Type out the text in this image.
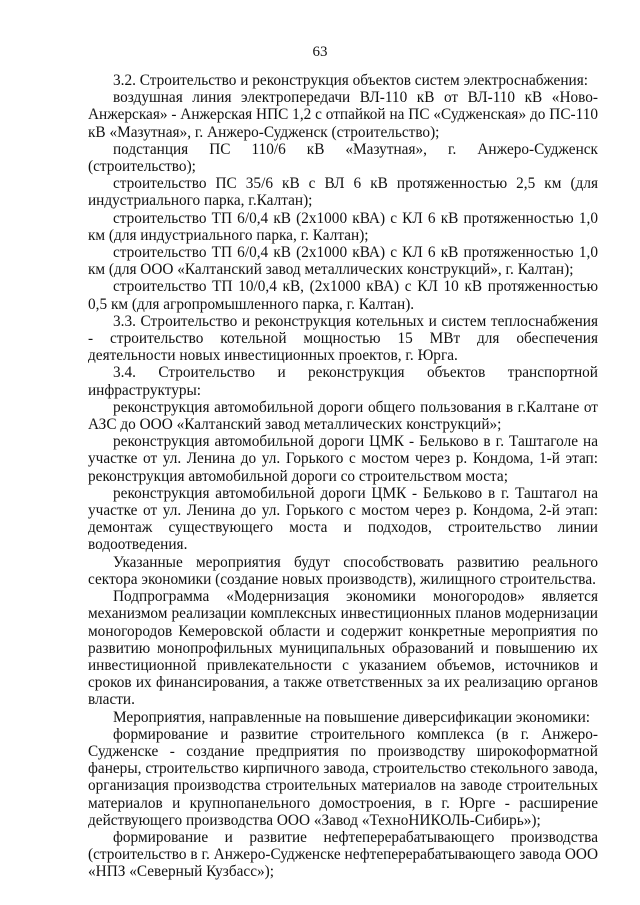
63

3.2. Строительство и реконструкция объектов систем электроснабжения:

воздушная линия электропередачи ВЛ-110 кВ от ВЛ-110 кВ «Ново-Анжерская» - Анжерская НПС 1,2 с отпайкой на ПС «Судженская» до ПС-110 кВ «Мазутная», г. Анжеро-Судженск (строительство);

подстанция ПС 110/6 кВ «Мазутная», г. Анжеро-Судженск (строительство);

строительство ПС 35/6 кВ с ВЛ 6 кВ протяженностью 2,5 км (для индустриального парка, г.Калтан);

строительство ТП 6/0,4 кВ (2х1000 кВА) с КЛ 6 кВ протяженностью 1,0 км (для индустриального парка, г. Калтан);

строительство ТП 6/0,4 кВ (2х1000 кВА) с КЛ 6 кВ протяженностью 1,0 км (для ООО «Калтанский завод металлических конструкций», г. Калтан);

строительство ТП 10/0,4 кВ, (2х1000 кВА) с КЛ 10 кВ протяженностью 0,5 км (для агропромышленного парка, г. Калтан).

3.3. Строительство и реконструкция котельных и систем теплоснабжения - строительство котельной мощностью 15 МВт для обеспечения деятельности новых инвестиционных проектов, г. Юрга.

3.4. Строительство и реконструкция объектов транспортной инфраструктуры:

реконструкция автомобильной дороги общего пользования в г.Калтане от АЗС до ООО «Калтанский завод металлических конструкций»;

реконструкция автомобильной дороги ЦМК - Бельково в г. Таштаголе на участке от ул. Ленина до ул. Горького с мостом через р. Кондома, 1-й этап: реконструкция автомобильной дороги со строительством моста;

реконструкция автомобильной дороги ЦМК - Бельково в г. Таштагол на участке от ул. Ленина до ул. Горького с мостом через р. Кондома, 2-й этап: демонтаж существующего моста и подходов, строительство линии водоотведения.

Указанные мероприятия будут способствовать развитию реального сектора экономики (создание новых производств), жилищного строительства.

Подпрограмма «Модернизация экономики моногородов» является механизмом реализации комплексных инвестиционных планов модернизации моногородов Кемеровской области и содержит конкретные мероприятия по развитию монопрофильных муниципальных образований и повышению их инвестиционной привлекательности с указанием объемов, источников и сроков их финансирования, а также ответственных за их реализацию органов власти.

Мероприятия, направленные на повышение диверсификации экономики:

формирование и развитие строительного комплекса (в г. Анжеро-Судженске - создание предприятия по производству широкоформатной фанеры, строительство кирпичного завода, строительство стекольного завода, организация производства строительных материалов на заводе строительных материалов и крупнопанельного домостроения, в г. Юрге - расширение действующего производства ООО «Завод «ТехноНИКОЛЬ-Сибирь»);

формирование и развитие нефтеперерабатывающего производства (строительство в г. Анжеро-Судженске нефтеперерабатывающего завода ООО «НПЗ «Северный Кузбасс»);
